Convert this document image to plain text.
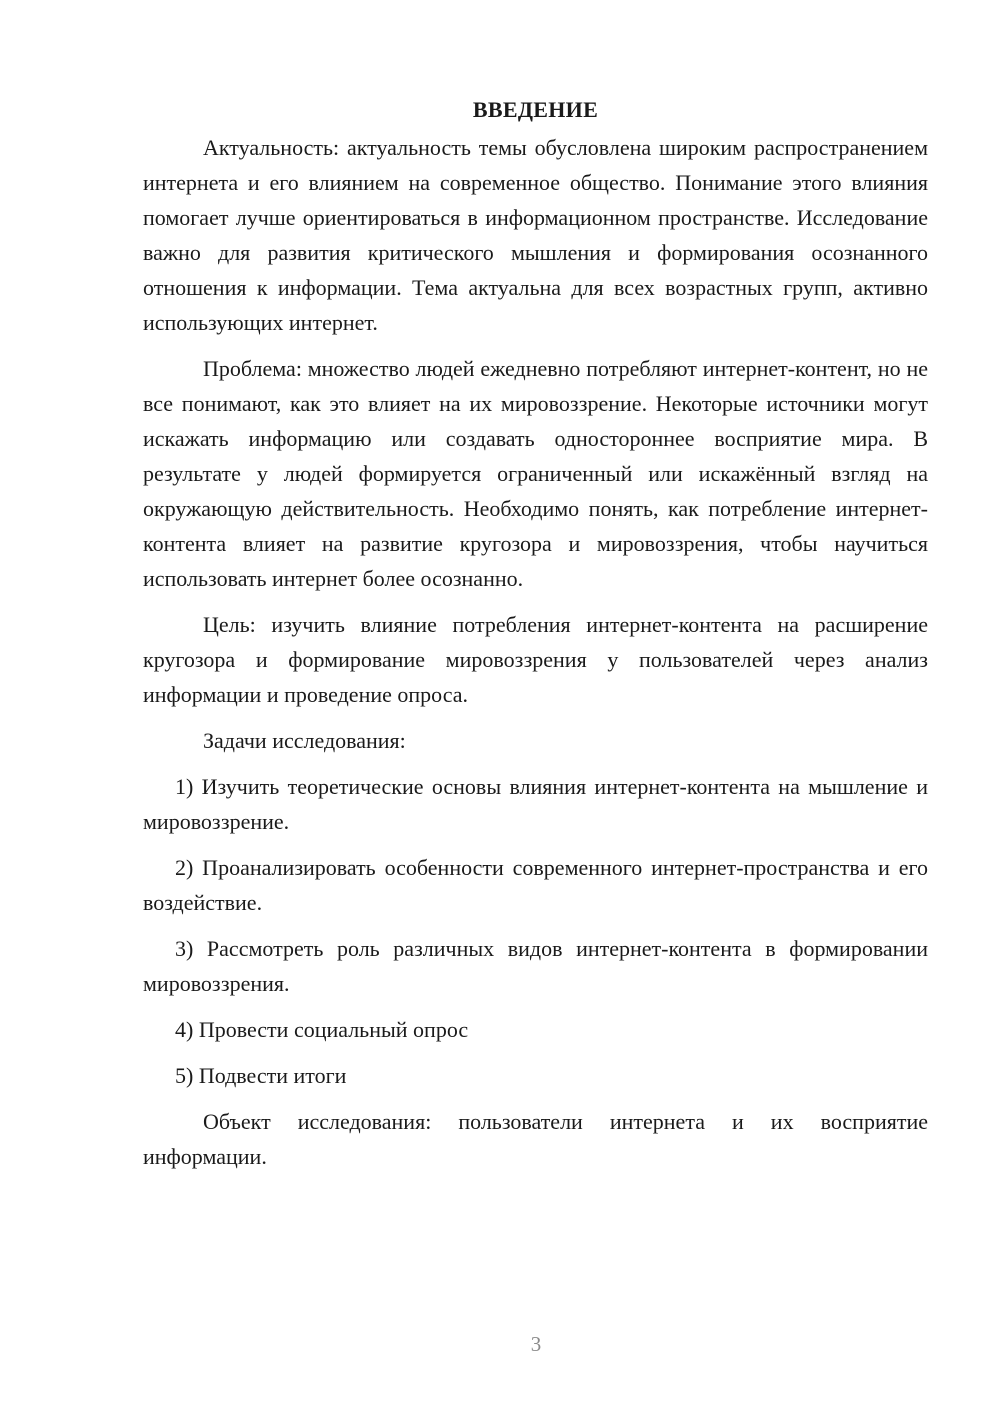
ВВЕДЕНИЕ

Актуальность: актуальность темы обусловлена широким распространением интернета и его влиянием на современное общество. Понимание этого влияния помогает лучше ориентироваться в информационном пространстве. Исследование важно для развития критического мышления и формирования осознанного отношения к информации. Тема актуальна для всех возрастных групп, активно использующих интернет.

Проблема: множество людей ежедневно потребляют интернет-контент, но не все понимают, как это влияет на их мировоззрение. Некоторые источники могут искажать информацию или создавать одностороннее восприятие мира. В результате у людей формируется ограниченный или искажённый взгляд на окружающую действительность. Необходимо понять, как потребление интернет-контента влияет на развитие кругозора и мировоззрения, чтобы научиться использовать интернет более осознанно.

Цель: изучить влияние потребления интернет-контента на расширение кругозора и формирование мировоззрения у пользователей через анализ информации и проведение опроса.

Задачи исследования:

1) Изучить теоретические основы влияния интернет-контента на мышление и мировоззрение.

2) Проанализировать особенности современного интернет-пространства и его воздействие.

3) Рассмотреть роль различных видов интернет-контента в формировании мировоззрения.

4) Провести социальный опрос

5) Подвести итоги

Объект исследования: пользователи интернета и их восприятие информации.

3
